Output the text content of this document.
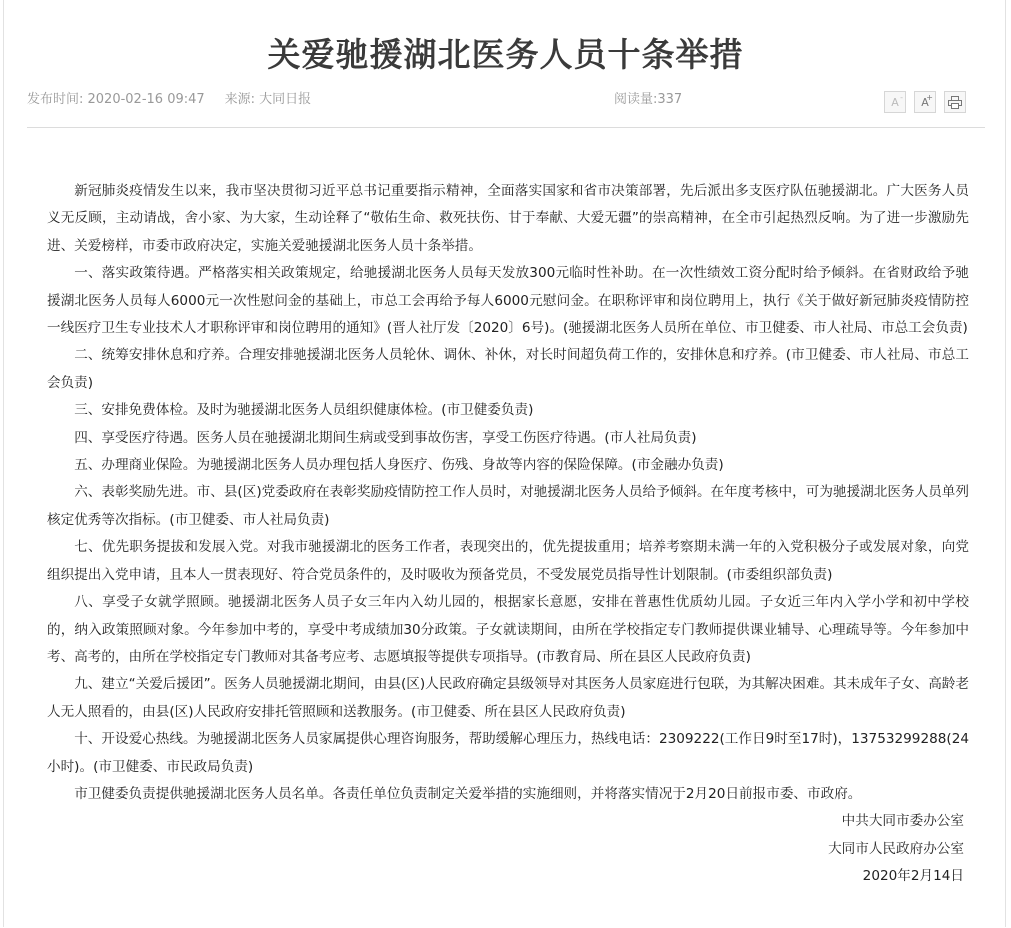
关爱驰援湖北医务人员十条举措
发布时间: 2020-02-16 09:47 来源: 大同日报	阅读量:337	A- A
+

新冠肺炎疫情发生以来，我市坚决贯彻习近平总书记重要指示精神，全面落实国家和省市决策部署，先后派出多支医疗队伍驰援湖北。广大医务人员义无反顾，主动请战，舍小家、为大家，生动诠释了“敬佑生命、救死扶伤、甘于奉献、大爱无疆”的崇高精神，在全市引起热烈反响。为了进一步激励先进、关爱榜样，市委市政府决定，实施关爱驰援湖北医务人员十条举措。

一、落实政策待遇。严格落实相关政策规定，给驰援湖北医务人员每天发放300元临时性补助。在一次性绩效工资分配时给予倾斜。在省财政给予驰援湖北医务人员每人6000元一次性慰问金的基础上，市总工会再给予每人6000元慰问金。在职称评审和岗位聘用上，执行《关于做好新冠肺炎疫情防控一线医疗卫生专业技术人才职称评审和岗位聘用的通知》(晋人社厅发〔2020〕6号)。(驰援湖北医务人员所在单位、市卫健委、市人社局、市总工会负责)

二、统筹安排休息和疗养。合理安排驰援湖北医务人员轮休、调休、补休，对长时间超负荷工作的，安排休息和疗养。(市卫健委、市人社局、市总工会负责)

三、安排免费体检。及时为驰援湖北医务人员组织健康体检。(市卫健委负责)

四、享受医疗待遇。医务人员在驰援湖北期间生病或受到事故伤害，享受工伤医疗待遇。(市人社局负责)

五、办理商业保险。为驰援湖北医务人员办理包括人身医疗、伤残、身故等内容的保险保障。(市金融办负责)

六、表彰奖励先进。市、县(区)党委政府在表彰奖励疫情防控工作人员时，对驰援湖北医务人员给予倾斜。在年度考核中，可为驰援湖北医务人员单列核定优秀等次指标。(市卫健委、市人社局负责)

七、优先职务提拔和发展入党。对我市驰援湖北的医务工作者，表现突出的，优先提拔重用；培养考察期未满一年的入党积极分子或发展对象，向党组织提出入党申请，且本人一贯表现好、符合党员条件的，及时吸收为预备党员，不受发展党员指导性计划限制。(市委组织部负责)

八、享受子女就学照顾。驰援湖北医务人员子女三年内入幼儿园的，根据家长意愿，安排在普惠性优质幼儿园。子女近三年内入学小学和初中学校的，纳入政策照顾对象。今年参加中考的，享受中考成绩加30分政策。子女就读期间，由所在学校指定专门教师提供课业辅导、心理疏导等。今年参加中考、高考的，由所在学校指定专门教师对其备考应考、志愿填报等提供专项指导。(市教育局、所在县区人民政府负责)

九、建立“关爱后援团”。医务人员驰援湖北期间，由县(区)人民政府确定县级领导对其医务人员家庭进行包联，为其解决困难。其未成年子女、高龄老人无人照看的，由县(区)人民政府安排托管照顾和送教服务。(市卫健委、所在县区人民政府负责)

十、开设爱心热线。为驰援湖北医务人员家属提供心理咨询服务，帮助缓解心理压力，热线电话：2309222(工作日9时至17时)，13753299288(24小时)。(市卫健委、市民政局负责)

市卫健委负责提供驰援湖北医务人员名单。各责任单位负责制定关爱举措的实施细则，并将落实情况于2月20日前报市委、市政府。

中共大同市委办公室

大同市人民政府办公室

2020年2月14日
